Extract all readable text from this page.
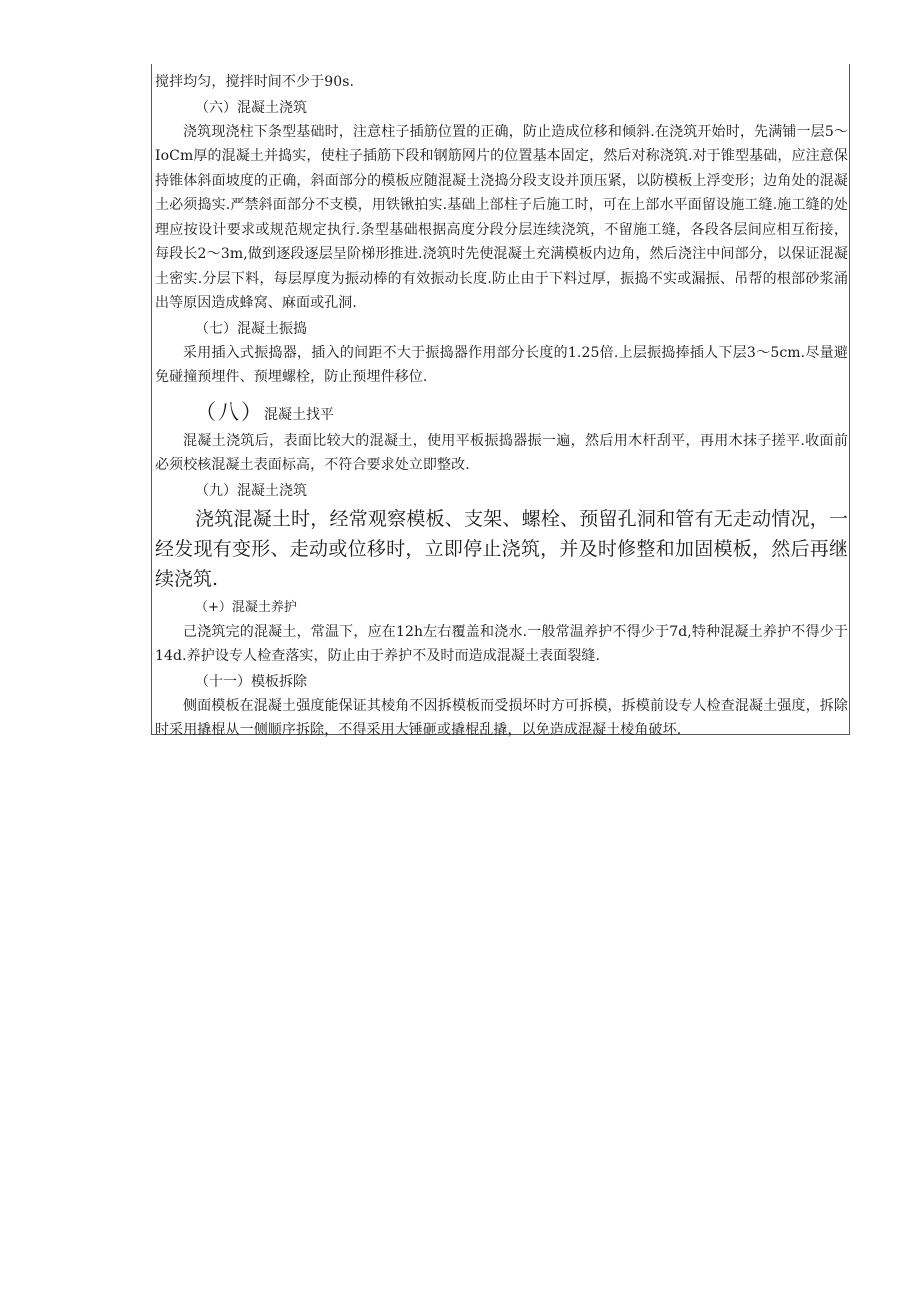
搅拌均匀，搅拌时间不少于90s.

（六）混凝土浇筑

浇筑现浇柱下条型基础时，注意柱子插筋位置的正确，防止造成位移和倾斜.在浇筑开始时，先满铺一层5～IoCm厚的混凝土并捣实，使柱子插筋下段和钢筋网片的位置基本固定，然后对称浇筑.对于锥型基础，应注意保持锥体斜面坡度的正确，斜面部分的模板应随混凝土浇捣分段支设并顶压紧，以防模板上浮变形；边角处的混凝土必须捣实.严禁斜面部分不支模，用铁锹拍实.基础上部柱子后施工时，可在上部水平面留设施工缝.施工缝的处理应按设计要求或规范规定执行.条型基础根据高度分段分层连续浇筑，不留施工缝，各段各层间应相互衔接，每段长2～3m,做到逐段逐层呈阶梯形推进.浇筑时先使混凝土充满模板内边角，然后浇注中间部分，以保证混凝土密实.分层下料，每层厚度为振动棒的有效振动长度.防止由于下料过厚，振捣不实或漏振、吊帮的根部砂浆涌出等原因造成蜂窝、麻面或孔洞.

（七）混凝土振捣

采用插入式振捣器，插入的间距不大于振捣器作用部分长度的1.25倍.上层振捣捧插人下层3～5cm.尽量避免碰撞预埋件、预埋螺栓，防止预埋件移位.

（八）混凝土找平

混凝土浇筑后，表面比较大的混凝土，使用平板振捣器振一遍，然后用木杆刮平，再用木抹子搓平.收面前必须校核混凝土表面标高，不符合要求处立即整改.

（九）混凝土浇筑

浇筑混凝土时，经常观察模板、支架、螺栓、预留孔洞和管有无走动情况，一经发现有变形、走动或位移时，立即停止浇筑，并及时修整和加固模板，然后再继续浇筑.

（+）混凝土养护

己浇筑完的混凝土，常温下，应在12h左右覆盖和浇水.一般常温养护不得少于7d,特种混凝土养护不得少于14d.养护设专人检查落实，防止由于养护不及时而造成混凝土表面裂缝.

（十一）模板拆除

侧面模板在混凝土强度能保证其棱角不因拆模板而受损坏时方可拆模，拆模前设专人检查混凝土强度，拆除时采用撬棍从一侧顺序拆除，不得采用大锤砸或撬棍乱撬，以免造成混凝土棱角破坏.
